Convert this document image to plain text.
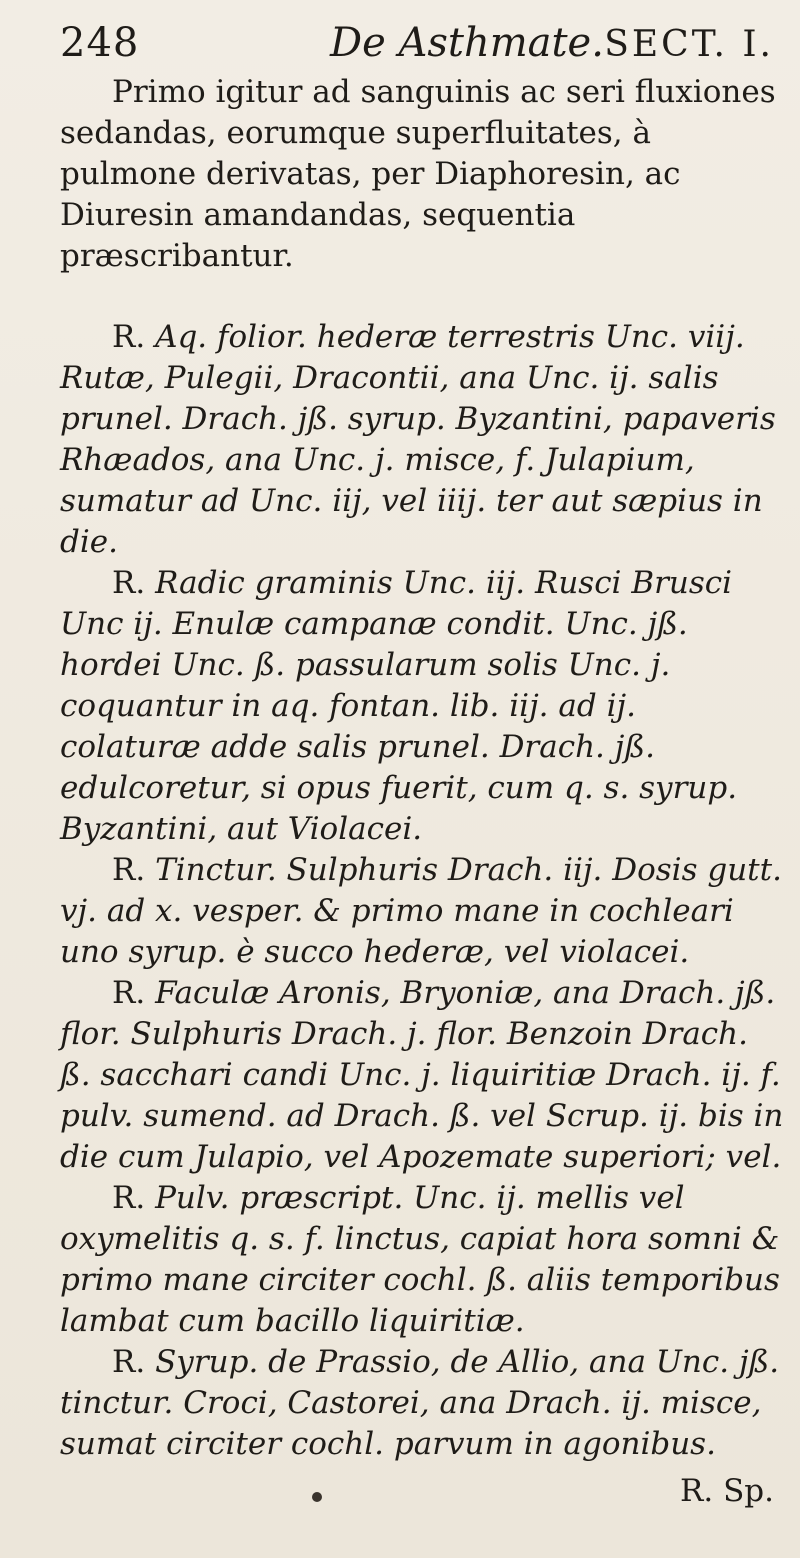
248	De Asthmate. SECT. I.

Primo igitur ad sanguinis ac seri fluxiones sedandas, eorumque superfluitates, à pulmone derivatas, per Diaphoresin, ac Diuresin amandandas, sequentia præscribantur.

R. Aq. folior. hederæ terrestris Unc. viij. Rutæ, Pulegii, Dracontii, ana Unc. ij. salis prunel. Drach. jß. syrup. Byzantini, papaveris Rhæados, ana Unc. j. misce, f. Julapium, sumatur ad Unc. iij, vel iiij. ter aut sæpius in die.

R. Radic graminis Unc. iij. Rusci Brusci Unc ij. Enulæ campanæ condit. Unc. jß. hordei Unc. ß. passularum solis Unc. j. coquantur in aq. fontan. lib. iij. ad ij. colaturæ adde salis prunel. Drach. jß. edulcoretur, si opus fuerit, cum q. s. syrup. Byzantini, aut Violacei.

R. Tinctur. Sulphuris Drach. iij. Dosis gutt. vj. ad x. vesper. & primo mane in cochleari uno syrup. è succo hederæ, vel violacei.

R. Faculæ Aronis, Bryoniæ, ana Drach. jß. flor. Sulphuris Drach. j. flor. Benzoin Drach. ß. sacchari candi Unc. j. liquiritiæ Drach. ij. f. pulv. sumend. ad Drach. ß. vel Scrup. ij. bis in die cum Julapio, vel Apozemate superiori; vel.

R. Pulv. præscript. Unc. ij. mellis vel oxymelitis q. s. f. linctus, capiat hora somni & primo mane circiter cochl. ß. aliis temporibus lambat cum bacillo liquiritiæ.

R. Syrup. de Prassio, de Allio, ana Unc. jß. tinctur. Croci, Castorei, ana Drach. ij. misce, sumat circiter cochl. parvum in agonibus.

R. Sp.
